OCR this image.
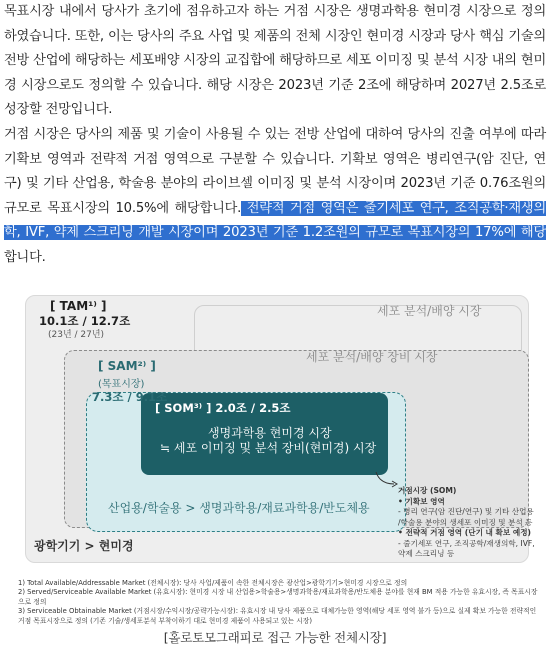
목표시장 내에서 당사가 초기에 점유하고자 하는 거점 시장은 생명과학용 현미경 시장으로 정의하였습니다. 또한, 이는 당사의 주요 사업 및 제품의 전체 시장인 현미경 시장과 당사 핵심 기술의 전방 산업에 해당하는 세포배양 시장의 교집합에 해당하므로 세포 이미징 및 분석 시장 내의 현미경 시장으로도 정의할 수 있습니다. 해당 시장은 2023년 기준 2조에 해당하며 2027년 2.5조로 성장할 전망입니다.
거점 시장은 당사의 제품 및 기술이 사용될 수 있는 전방 산업에 대하여 당사의 진출 여부에 따라 기확보 영역과 전략적 거점 영역으로 구분할 수 있습니다. 기확보 영역은 병리연구(암 진단, 연구) 및 기타 산업용, 학술용 분야의 라이브셀 이미징 및 분석 시장이며 2023년 기준 0.76조원의 규모로 목표시장의 10.5%에 해당합니다. 전략적 거점 영역은 줄기세포 연구, 조직공학·재생의학, IVF, 약제 스크리닝 개발 시장이며 2023년 기준 1.2조원의 규모로 목표시장의 17%에 해당합니다.
[ TAM¹⁾ ]
10.1조 / 12.7조
(23년 / 27년)
[ SAM²⁾ ]
(목표시장)
7.3조 / 9.1조
세포 분석/배양 시장
세포 분석/배양 장비 시장
[ SOM³⁾ ] 2.0조 / 2.5조
생명과학용 현미경 시장
≒ 세포 이미징 및 분석 장비(현미경) 시장
산업용/학술용 > 생명과학용/재료과학용/반도체용
광학기기 > 현미경
거점시장 (SOM)
• 기확보 영역
- 병리 연구(암 진단/연구) 및 기타 산업용 /학술용 분야의 생세포 이미징 및 분석 등
• 전략적 거점 영역 (단기 내 확보 예정)
- 줄기세포 연구, 조직공학/재생의학, IVF, 약제 스크리닝 등
1) Total Available/Addressable Market (전체시장): 당사 사업/제품이 속한 전체시장은 광산업>광학기기>현미경 시장으로 정의
2) Served/Serviceable Available Market (유효시장): 현미경 시장 내 산업용>학술용>생명과학용/재료과학용/반도체용 분야를 현재 BM 적용 가능한 유효시장, 즉 목표시장으로 정의
3) Serviceable Obtainable Market (거점시장/수익시장/공략가능시장): 유효시장 내 당사 제품으로 대체가능한 영역(해당 세포 영역 불가 등)으로 실제 확보 가능한 전략적인 거점 목표시장으로 정의 (기존 기술/생세포분석 부착이하기 대로 현미경 제품이 사용되고 있는 시장)
[홀로토모그래피로 접근 가능한 전체시장]
